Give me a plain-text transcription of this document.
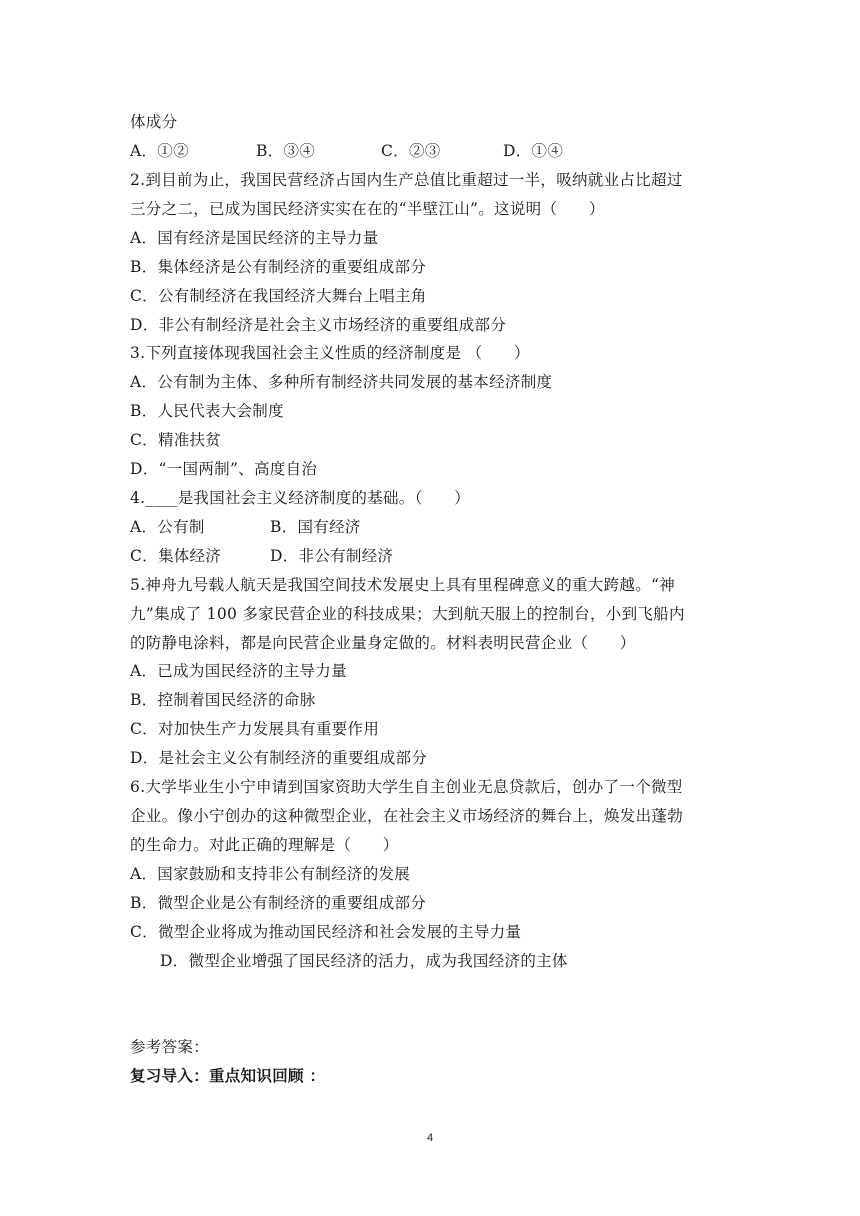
体成分
A．①②	B．③④	C．②③	D．①④
2.到目前为止，我国民营经济占国内生产总值比重超过一半，吸纳就业占比超过
三分之二，已成为国民经济实实在在的“半壁江山”。这说明（　　）
A．国有经济是国民经济的主导力量
B．集体经济是公有制经济的重要组成部分
C．公有制经济在我国经济大舞台上唱主角
D．非公有制经济是社会主义市场经济的重要组成部分
3.下列直接体现我国社会主义性质的经济制度是 （　　）
A．公有制为主体、多种所有制经济共同发展的基本经济制度
B．人民代表大会制度
C．精准扶贫
D．“一国两制”、高度自治
4.____是我国社会主义经济制度的基础。（　　）
A．公有制	B．国有经济
C．集体经济	D．非公有制经济
5.神舟九号载人航天是我国空间技术发展史上具有里程碑意义的重大跨越。“神
九”集成了 100 多家民营企业的科技成果；大到航天服上的控制台，小到飞船内
的防静电涂料，都是向民营企业量身定做的。材料表明民营企业（　　）
A．已成为国民经济的主导力量
B．控制着国民经济的命脉
C．对加快生产力发展具有重要作用
D．是社会主义公有制经济的重要组成部分
6.大学毕业生小宁申请到国家资助大学生自主创业无息贷款后，创办了一个微型
企业。像小宁创办的这种微型企业，在社会主义市场经济的舞台上，焕发出蓬勃
的生命力。对此正确的理解是（　　）
A．国家鼓励和支持非公有制经济的发展
B．微型企业是公有制经济的重要组成部分
C．微型企业将成为推动国民经济和社会发展的主导力量
D．微型企业增强了国民经济的活力，成为我国经济的主体
参考答案：
复习导入：重点知识回顾 ：
4
